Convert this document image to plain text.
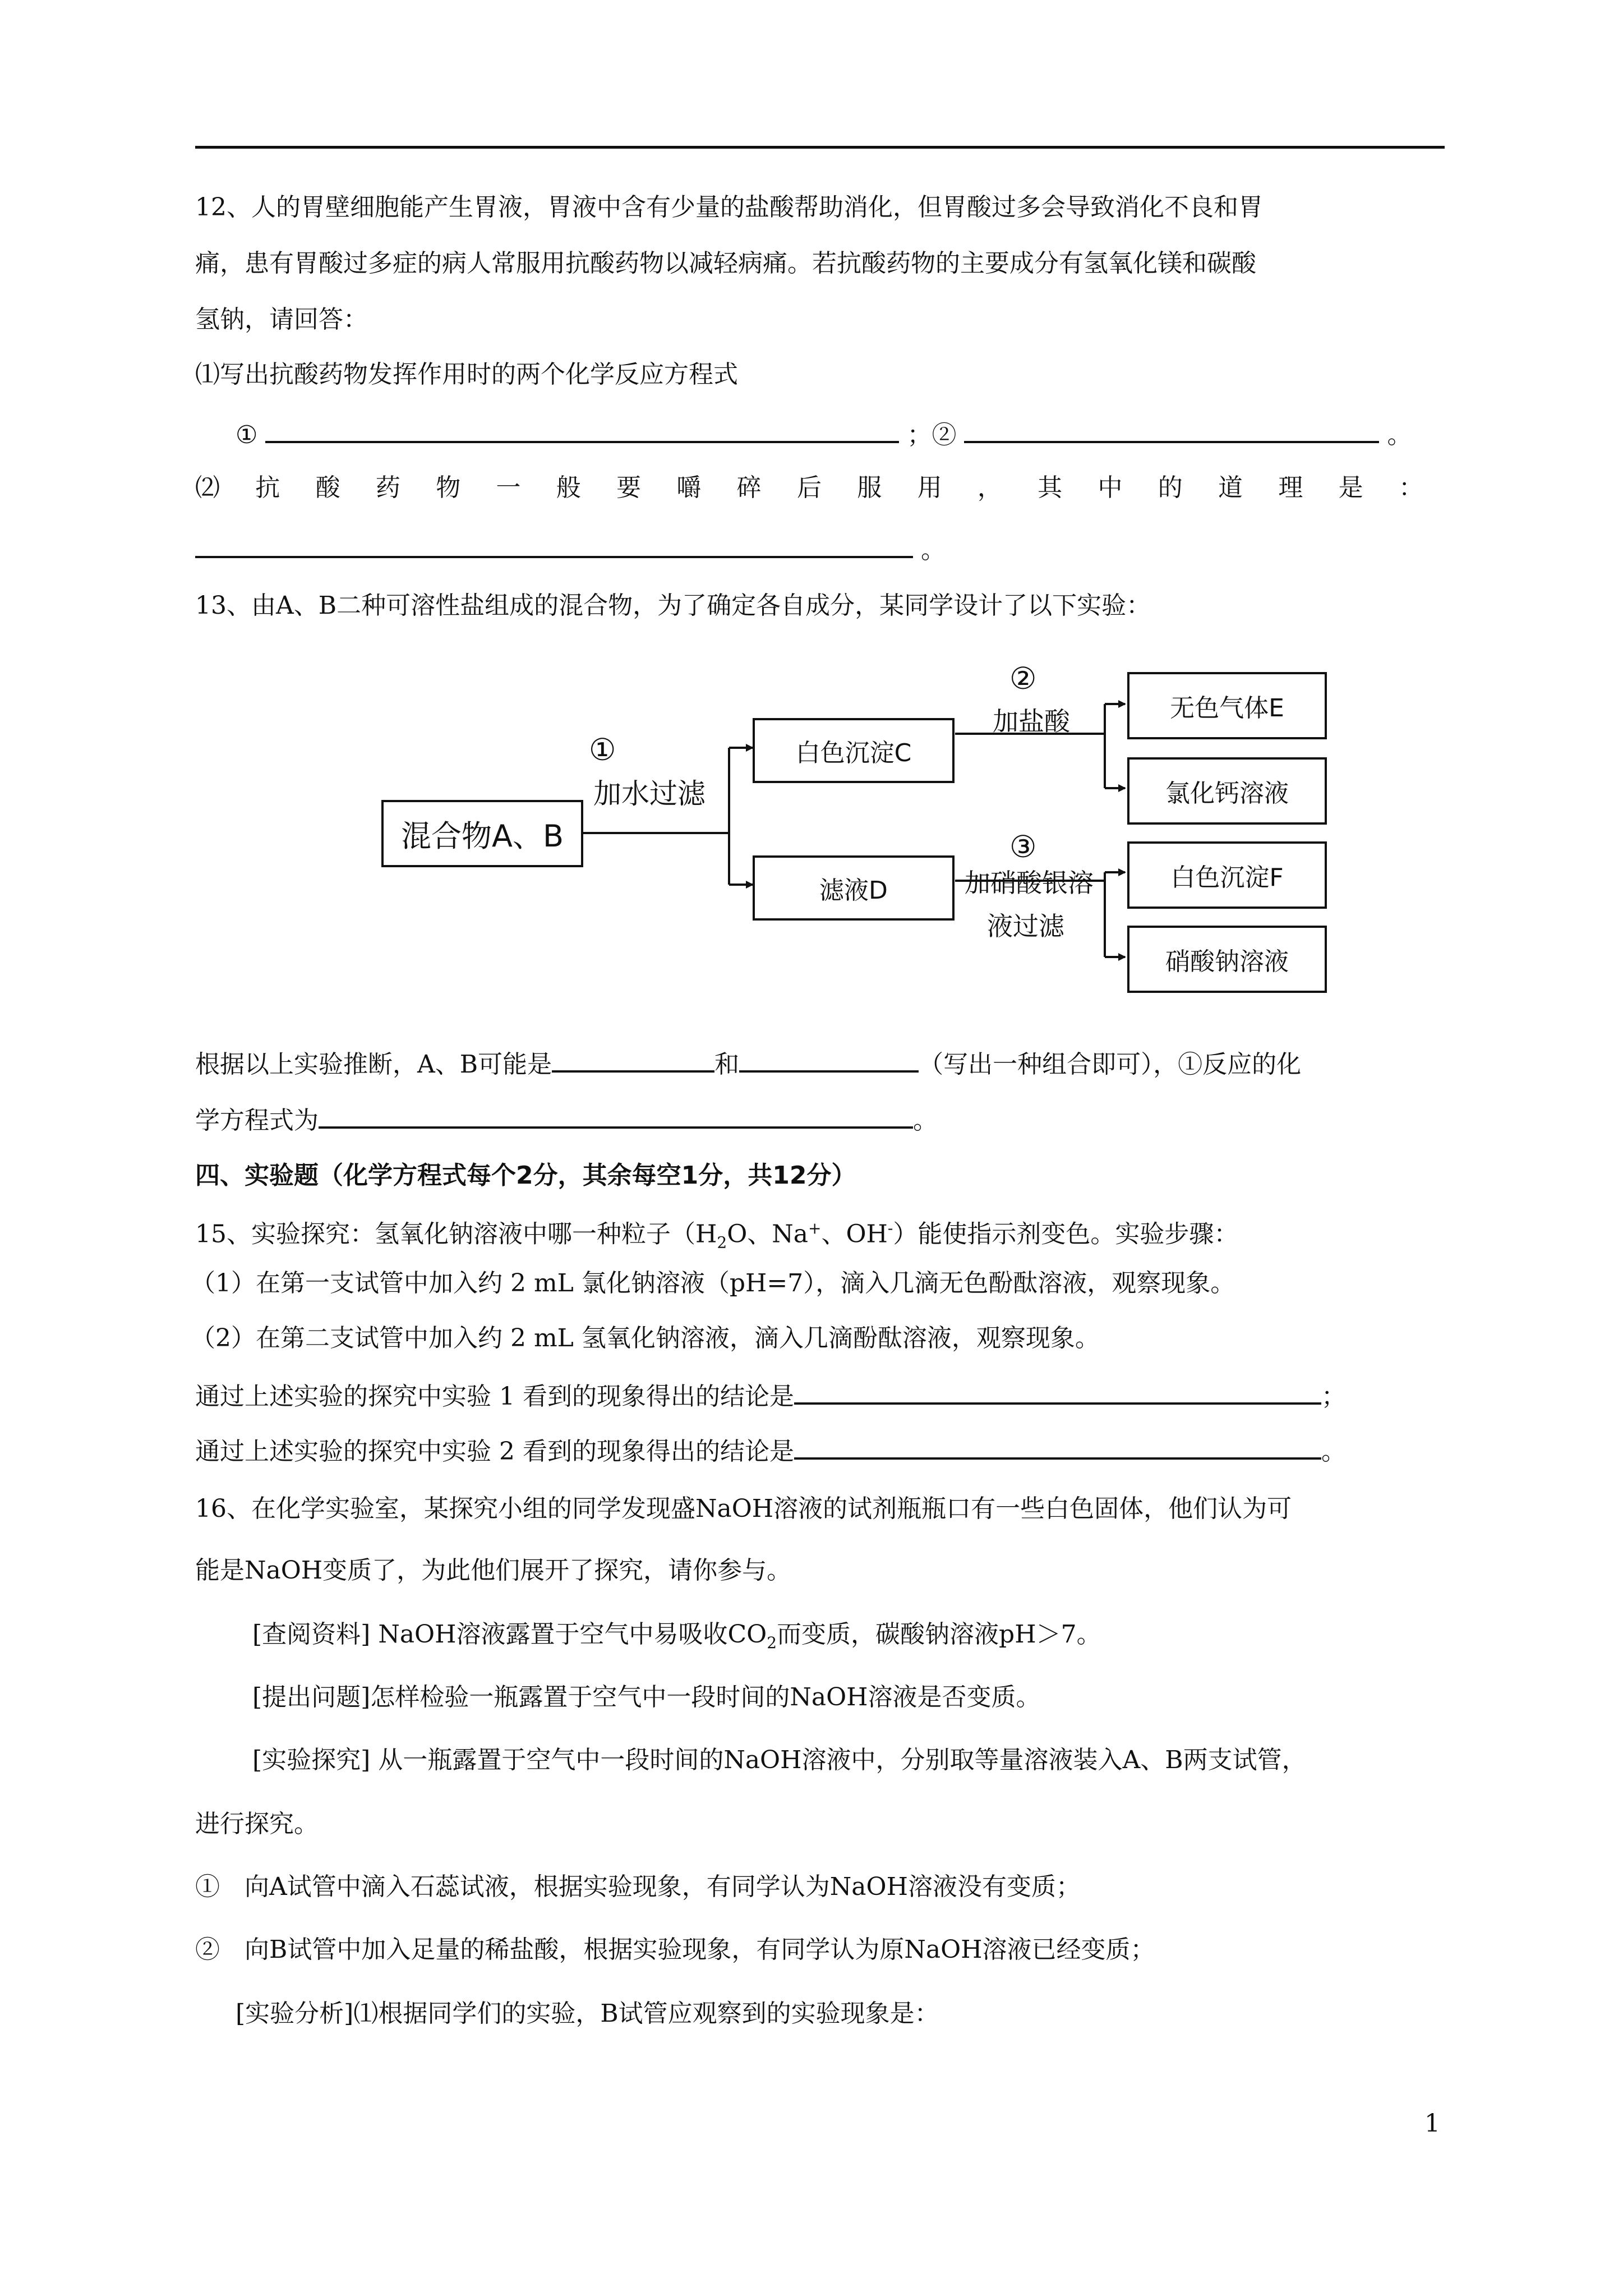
12、人的胃壁细胞能产生胃液，胃液中含有少量的盐酸帮助消化，但胃酸过多会导致消化不良和胃
痛，患有胃酸过多症的病人常服用抗酸药物以减轻病痛。若抗酸药物的主要成分有氢氧化镁和碳酸
氢钠，请回答：
⑴写出抗酸药物发挥作用时的两个化学反应方程式
①	；②	。
⑵ 抗 酸 药 物 一 般 要 嚼 碎 后 服 用 ， 其 中 的 道 理 是 ：
。
13、由A、B二种可溶性盐组成的混合物，为了确定各自成分，某同学设计了以下实验：
混合物A、B
①
加水过滤
白色沉淀C
滤液D
②
加盐酸	无色气体E
氯化钙溶液
③
加硝酸银溶
液过滤
白色沉淀F
硝酸钠溶液
根据以上实验推断，A、B可能是	和	（写出一种组合即可），①反应的化
学方程式为	。
四、实验题（化学方程式每个2分，其余每空1分，共12分）
15、实验探究：氢氧化钠溶液中哪一种粒子（$H_2O$、Na+、OH-）能使指示剂变色。实验步骤：
（1）在第一支试管中加入约 2 mL 氯化钠溶液（pH=7），滴入几滴无色酚酞溶液，观察现象。
（2）在第二支试管中加入约 2 mL 氢氧化钠溶液，滴入几滴酚酞溶液，观察现象。
通过上述实验的探究中实验 1 看到的现象得出的结论是	；
通过上述实验的探究中实验 2 看到的现象得出的结论是	。
16、在化学实验室，某探究小组的同学发现盛NaOH溶液的试剂瓶瓶口有一些白色固体，他们认为可
能是NaOH变质了，为此他们展开了探究，请你参与。
[查阅资料] NaOH溶液露置于空气中易吸收$CO_2$而变质，碳酸钠溶液pH＞7。
[提出问题]怎样检验一瓶露置于空气中一段时间的NaOH溶液是否变质。
[实验探究] 从一瓶露置于空气中一段时间的NaOH溶液中，分别取等量溶液装入A、B两支试管，
进行探究。
①　向A试管中滴入石蕊试液，根据实验现象，有同学认为NaOH溶液没有变质；
②　向B试管中加入足量的稀盐酸，根据实验现象，有同学认为原NaOH溶液已经变质；
[实验分析]⑴根据同学们的实验，B试管应观察到的实验现象是：
1
